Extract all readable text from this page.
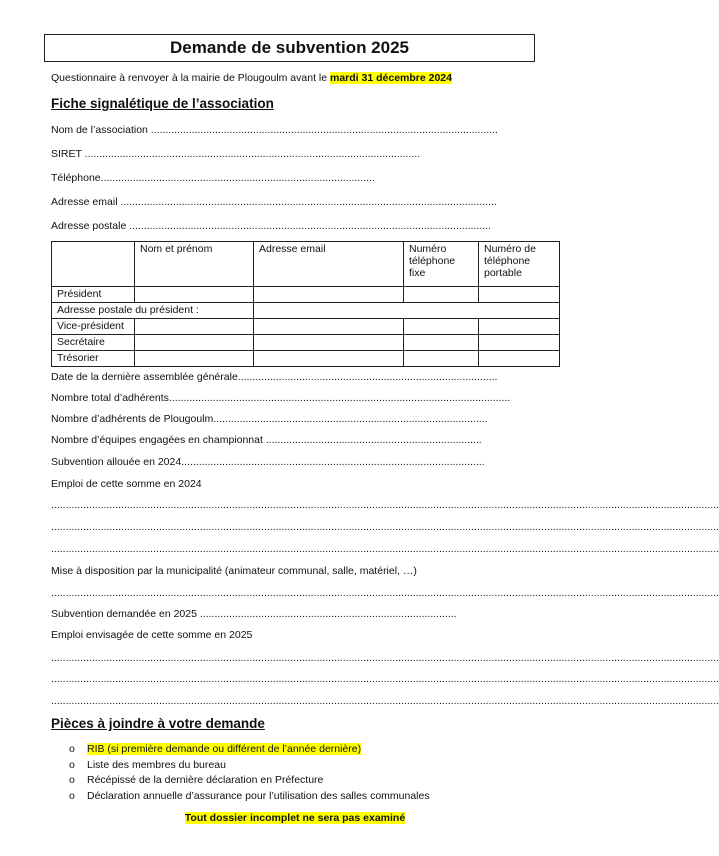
Demande de subvention 2025
Questionnaire à renvoyer à la mairie de Plougoulm avant le mardi 31 décembre 2024
Fiche signalétique de l’association
Nom de l’association .......................................................................................................................
SIRET ...................................................................................................................
Téléphone..............................................................................................
Adresse email .................................................................................................................................
Adresse postale ............................................................................................................................
	Nom et prénom	Adresse email	Numéro téléphone fixe	Numéro de téléphone portable
Président				
Adresse postale du président :				
Vice-président				
Secrétaire				
Trésorier				
Date de la dernière assemblée générale.........................................................................................
Nombre total d’adhérents.....................................................................................................................
Nombre d’adhérents de Plougoulm..............................................................................................
Nombre d’équipes engagées en championnat ..........................................................................
Subvention allouée en 2024........................................................................................................
Emploi de cette somme en 2024
.....................................................................................................................................................................................................................................
.....................................................................................................................................................................................................................................
.....................................................................................................................................................................................................................................
Mise à disposition par la municipalité (animateur communal, salle, matériel, …)
.....................................................................................................................................................................................................................................
Subvention demandée en 2025 ........................................................................................
Emploi envisagée de cette somme en 2025
.....................................................................................................................................................................................................................................
.....................................................................................................................................................................................................................................
.....................................................................................................................................................................................................................................
Pièces à joindre à votre demande
o RIB (si première demande ou différent de l’année dernière)
o Liste des membres du bureau
o Récépissé de la dernière déclaration en Préfecture
o Déclaration annuelle d’assurance pour l’utilisation des salles communales
Tout dossier incomplet ne sera pas examiné
